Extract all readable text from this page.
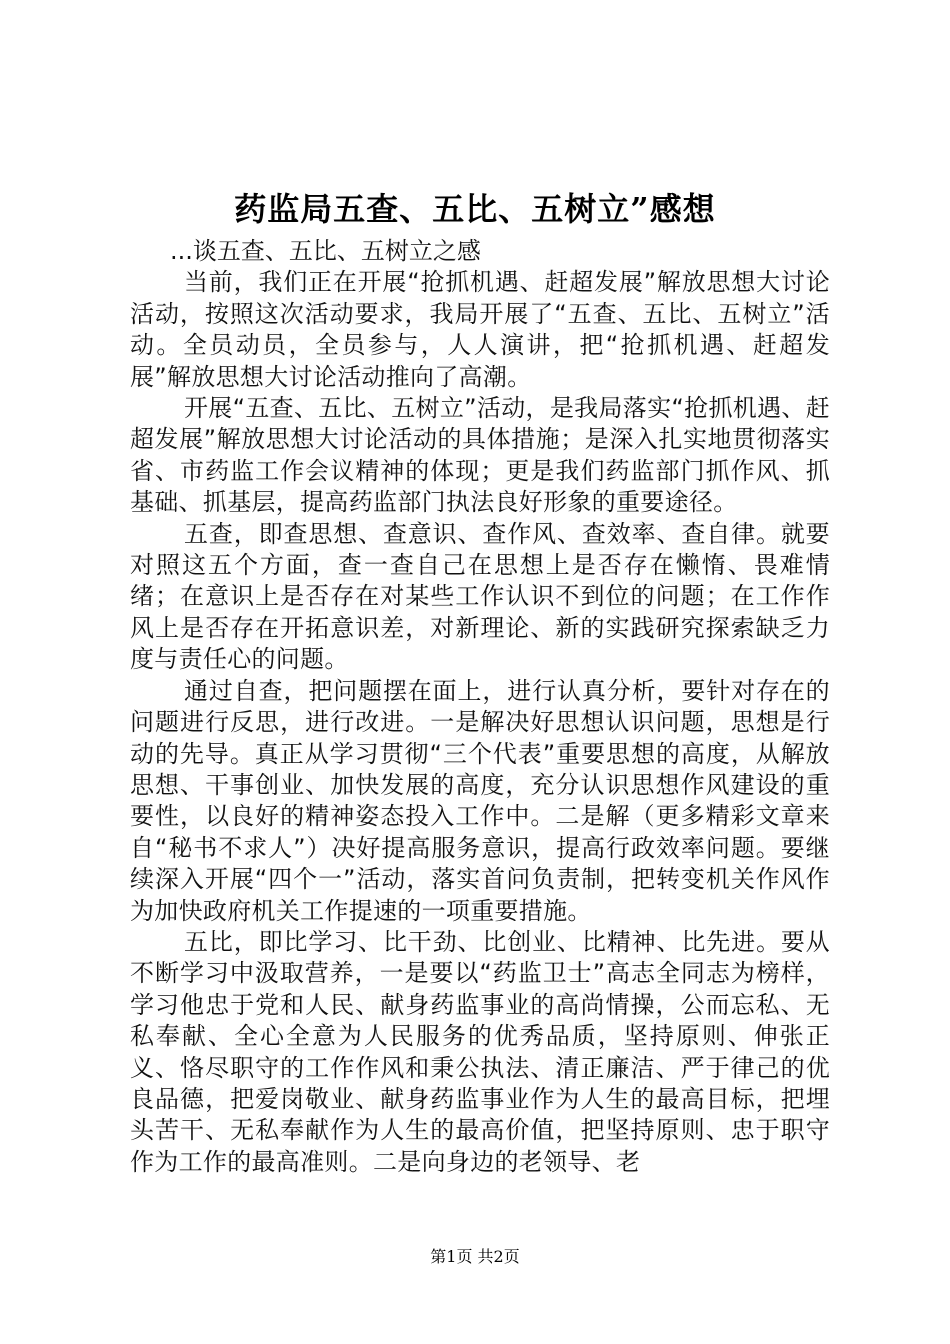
药监局五查、五比、五树立”感想

...谈五查、五比、五树立之感

当前，我们正在开展“抢抓机遇、赶超发展”解放思想大讨论活动，按照这次活动要求，我局开展了“五查、五比、五树立”活动。全员动员，全员参与，人人演讲，把“抢抓机遇、赶超发展”解放思想大讨论活动推向了高潮。

开展“五查、五比、五树立”活动，是我局落实“抢抓机遇、赶超发展”解放思想大讨论活动的具体措施；是深入扎实地贯彻落实省、市药监工作会议精神的体现；更是我们药监部门抓作风、抓基础、抓基层，提高药监部门执法良好形象的重要途径。

五查，即查思想、查意识、查作风、查效率、查自律。就要对照这五个方面，查一查自己在思想上是否存在懒惰、畏难情绪；在意识上是否存在对某些工作认识不到位的问题；在工作作风上是否存在开拓意识差，对新理论、新的实践研究探索缺乏力度与责任心的问题。

通过自查，把问题摆在面上，进行认真分析，要针对存在的问题进行反思，进行改进。一是解决好思想认识问题，思想是行动的先导。真正从学习贯彻“三个代表”重要思想的高度，从解放思想、干事创业、加快发展的高度，充分认识思想作风建设的重要性，以良好的精神姿态投入工作中。二是解（更多精彩文章来自“秘书不求人”）决好提高服务意识，提高行政效率问题。要继续深入开展“四个一”活动，落实首问负责制，把转变机关作风作为加快政府机关工作提速的一项重要措施。

五比，即比学习、比干劲、比创业、比精神、比先进。要从不断学习中汲取营养，一是要以“药监卫士”高志全同志为榜样，学习他忠于党和人民、献身药监事业的高尚情操，公而忘私、无私奉献、全心全意为人民服务的优秀品质，坚持原则、伸张正义、恪尽职守的工作作风和秉公执法、清正廉洁、严于律己的优良品德，把爱岗敬业、献身药监事业作为人生的最高目标，把埋头苦干、无私奉献作为人生的最高价值，把坚持原则、忠于职守作为工作的最高准则。二是向身边的老领导、老

第1页 共2页
